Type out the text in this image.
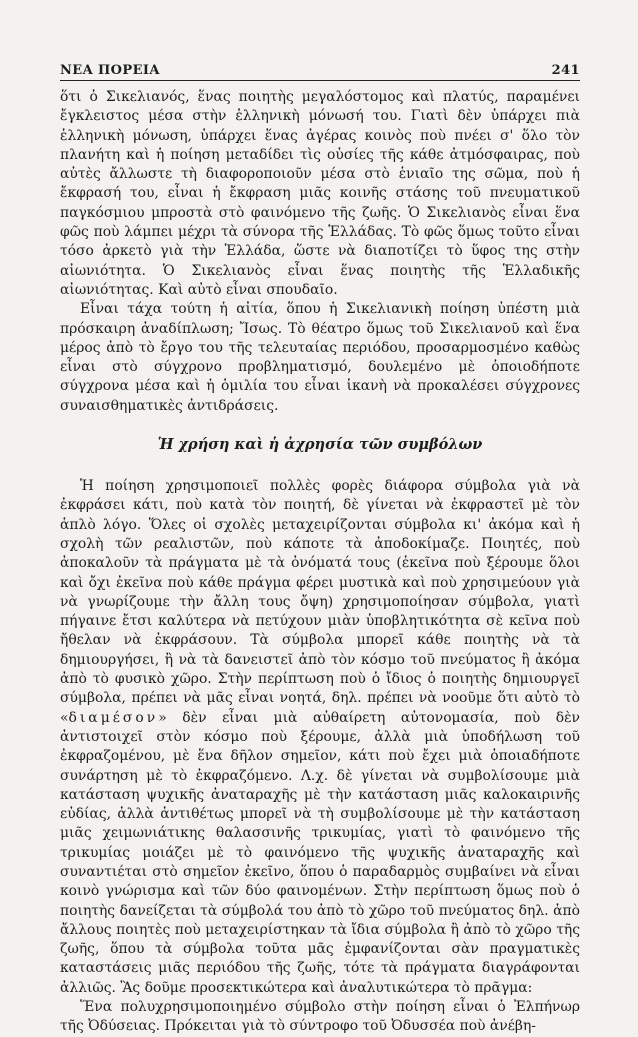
ΝΕΑ ΠΟΡΕΙΑ	241

ὅτι ὁ Σικελιανός, ἕνας ποιητὴς μεγαλόστομος καὶ πλατύς, παραμένει ἔγκλειστος μέσα στὴν ἑλληνικὴ μόνωσή του. Γιατὶ δὲν ὑπάρχει πιὰ ἑλληνικὴ μόνωση, ὑπάρχει ἕνας ἀγέρας κοινὸς ποὺ πνέει σ' ὅλο τὸν πλανήτη καὶ ἡ ποίηση μεταδίδει τὶς οὐσίες τῆς κάθε ἀτμόσφαιρας, ποὺ αὐτὲς ἄλλωστε τὴ διαφοροποιοῦν μέσα στὸ ἑνιαῖο της σῶμα, ποὺ ἡ ἔκφρασή του, εἶναι ἡ ἔκφραση μιᾶς κοινῆς στάσης τοῦ πνευματικοῦ παγκόσμιου μπροστὰ στὸ φαινόμενο τῆς ζωῆς. Ὁ Σικελιανὸς εἶναι ἕνα φῶς ποὺ λάμπει μέχρι τὰ σύνορα τῆς Ἑλλάδας. Τὸ φῶς ὅμως τοῦτο εἶναι τόσο ἀρκετὸ γιὰ τὴν Ἑλλάδα, ὥστε νὰ διαποτίζει τὸ ὕφος της στὴν αἰωνιότητα. Ὁ Σικελιανὸς εἶναι ἕνας ποιητὴς τῆς Ἑλλαδικῆς αἰωνιότητας. Καὶ αὐτὸ εἶναι σπουδαῖο.

Εἶναι τάχα τούτη ἡ αἰτία, ὅπου ἡ Σικελιανικὴ ποίηση ὑπέστη μιὰ πρόσκαιρη ἀναδίπλωση; Ἴσως. Τὸ θέατρο ὅμως τοῦ Σικελιανοῦ καὶ ἕνα μέρος ἀπὸ τὸ ἔργο του τῆς τελευταίας περιόδου, προσαρμοσμένο καθὼς εἶναι στὸ σύγχρονο προβληματισμό, δουλεμένο μὲ ὁποιοδήποτε σύγχρονα μέσα καὶ ἡ ὁμιλία του εἶναι ἱκανὴ νὰ προκαλέσει σύγχρονες συναισθηματικὲς ἀντιδράσεις.

Ἡ χρήση καὶ ἡ ἀχρησία τῶν συμβόλων

Ἡ ποίηση χρησιμοποιεῖ πολλὲς φορὲς διάφορα σύμβολα γιὰ νὰ ἐκφράσει κάτι, ποὺ κατὰ τὸν ποιητή, δὲ γίνεται νὰ ἐκφραστεῖ μὲ τὸν ἁπλὸ λόγο. Ὅλες οἱ σχολὲς μεταχειρίζονται σύμβολα κι' ἀκόμα καὶ ἡ σχολὴ τῶν ρεαλιστῶν, ποὺ κάποτε τὰ ἀποδοκίμαζε. Ποιητές, ποὺ ἀποκαλοῦν τὰ πράγματα μὲ τὰ ὀνόματά τους (ἐκεῖνα ποὺ ξέρουμε ὅλοι καὶ ὄχι ἐκεῖνα ποὺ κάθε πράγμα φέρει μυστικὰ καὶ ποὺ χρησιμεύουν γιὰ νὰ γνωρίζουμε τὴν ἄλλη τους ὄψη) χρησιμοποίησαν σύμβολα, γιατὶ πήγαινε ἔτσι καλύτερα νὰ πετύχουν μιὰν ὑποβλητικότητα σὲ κεῖνα ποὺ ἤθελαν νὰ ἐκφράσουν. Τὰ σύμβολα μπορεῖ κάθε ποιητὴς νὰ τὰ δημιουργήσει, ἢ νὰ τὰ δανειστεῖ ἀπὸ τὸν κόσμο τοῦ πνεύματος ἢ ἀκόμα ἀπὸ τὸ φυσικὸ χῶρο. Στὴν περίπτωση ποὺ ὁ ἴδιος ὁ ποιητὴς δημιουργεῖ σύμβολα, πρέπει νὰ μᾶς εἶναι νοητά, δηλ. πρέπει νὰ νοοῦμε ὅτι αὐτὸ τὸ «διαμέσον» δὲν εἶναι μιὰ αὐθαίρετη αὐτονομασία, ποὺ δὲν ἀντιστοιχεῖ στὸν κόσμο ποὺ ξέρουμε, ἀλλὰ μιὰ ὑποδήλωση τοῦ ἐκφραζομένου, μὲ ἕνα δῆλον σημεῖον, κάτι ποὺ ἔχει μιὰ ὁποιαδήποτε συνάρτηση μὲ τὸ ἐκφραζόμενο. Λ.χ. δὲ γίνεται νὰ συμβολίσουμε μιὰ κατάσταση ψυχικῆς ἀναταραχῆς μὲ τὴν κατάσταση μιᾶς καλοκαιρινῆς εὐδίας, ἀλλὰ ἀντιθέτως μπορεῖ νὰ τὴ συμβολίσουμε μὲ τὴν κατάσταση μιᾶς χειμωνιάτικης θαλασσινῆς τρικυμίας, γιατὶ τὸ φαινόμενο τῆς τρικυμίας μοιάζει μὲ τὸ φαινόμενο τῆς ψυχικῆς ἀναταραχῆς καὶ συναντιέται στὸ σημεῖον ἐκεῖνο, ὅπου ὁ παραδαρμὸς συμβαίνει νὰ εἶναι κοινὸ γνώρισμα καὶ τῶν δύο φαινομένων. Στὴν περίπτωση ὅμως ποὺ ὁ ποιητὴς δανείζεται τὰ σύμβολά του ἀπὸ τὸ χῶρο τοῦ πνεύματος δηλ. ἀπὸ ἄλλους ποιητὲς ποὺ μεταχειρίστηκαν τὰ ἴδια σύμβολα ἢ ἀπὸ τὸ χῶρο τῆς ζωῆς, ὅπου τὰ σύμβολα τοῦτα μᾶς ἐμφανίζονται σὰν πραγματικὲς καταστάσεις μιᾶς περιόδου τῆς ζωῆς, τότε τὰ πράγματα διαγράφονται ἀλλιῶς. Ἂς δοῦμε προσεκτικώτερα καὶ ἀναλυτικώτερα τὸ πρᾶγμα:

Ἕνα πολυχρησιμοποιημένο σύμβολο στὴν ποίηση εἶναι ὁ Ἐλπήνωρ τῆς Ὀδύσειας. Πρόκειται γιὰ τὸ σύντροφο τοῦ Ὀδυσσέα ποὺ ἀνέβη-
